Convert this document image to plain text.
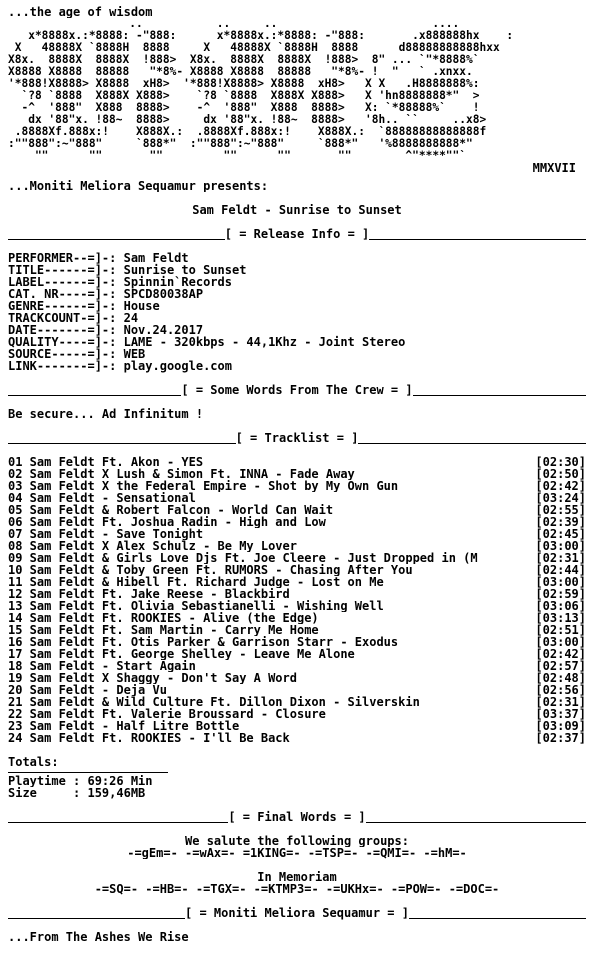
...the age of wisdom
..           ..     ..                       ....
x*8888x.:*8888: -"888:      x*8888x.:*8888: -"888:       .x888888hx    :
X   48888X `8888H  8888     X   48888X `8888H  8888      d88888888888hxx
X8x.  8888X  8888X  !888>  X8x.  8888X  8888X  !888>  8" ... `"*8888%`
X8888 X8888  88888   "*8%- X8888 X8888  88888   "*8%- !  "   ` .xnxx.
'*888!X8888> X8888  xH8>  '*888!X8888> X8888  xH8>   X X   .H8888888%:
`?8 `8888  X888X X888>    `?8 `8888  X888X X888>   X 'hn8888888*"  >
-^  '888"  X888  8888>    -^  '888"  X888  8888>   X: `*88888%`    !
dx '88"x. !88~  8888>     dx '88"x. !88~  8888>   '8h.. ``     ..x8>
.8888Xf.888x:!    X888X.:  .8888Xf.888x:!    X888X.:  `88888888888888f
:""888":~"888"     `888*"  :""888":~"888"     `888*"   '%8888888888*"
""      ""       ""         ""      ""       ""        ^"****""`
MMXVII
...Moniti Meliora Sequamur presents:
Sam Feldt - Sunrise to Sunset
[ = Release Info = ]
PERFORMER--=]-: Sam Feldt
TITLE------=]-: Sunrise to Sunset
LABEL------=]-: Spinnin`Records
CAT. NR----=]-: SPCD80038AP
GENRE------=]-: House
TRACKCOUNT-=]-: 24
DATE-------=]-: Nov.24.2017
QUALITY----=]-: LAME - 320kbps - 44,1Khz - Joint Stereo
SOURCE-----=]-: WEB
LINK-------=]-: play.google.com
[ = Some Words From The Crew = ]
Be secure... Ad Infinitum !
[ = Tracklist = ]
01 Sam Feldt Ft. Akon - YES	[02:30]
02 Sam Feldt X Lush & Simon Ft. INNA - Fade Away	[02:50]
03 Sam Feldt X the Federal Empire - Shot by My Own Gun	[02:42]
04 Sam Feldt - Sensational	[03:24]
05 Sam Feldt & Robert Falcon - World Can Wait	[02:55]
06 Sam Feldt Ft. Joshua Radin - High and Low	[02:39]
07 Sam Feldt - Save Tonight	[02:45]
08 Sam Feldt X Alex Schulz - Be My Lover	[03:00]
09 Sam Feldt & Girls Love Djs Ft. Joe Cleere - Just Dropped in (M	[02:31]
10 Sam Feldt & Toby Green Ft. RUMORS - Chasing After You	[02:44]
11 Sam Feldt & Hibell Ft. Richard Judge - Lost on Me	[03:00]
12 Sam Feldt Ft. Jake Reese - Blackbird	[02:59]
13 Sam Feldt Ft. Olivia Sebastianelli - Wishing Well	[03:06]
14 Sam Feldt Ft. ROOKIES - Alive (the Edge)	[03:13]
15 Sam Feldt Ft. Sam Martin - Carry Me Home	[02:51]
16 Sam Feldt Ft. Otis Parker & Garrison Starr - Exodus	[03:00]
17 Sam Feldt Ft. George Shelley - Leave Me Alone	[02:42]
18 Sam Feldt - Start Again	[02:57]
19 Sam Feldt X Shaggy - Don't Say A Word	[02:48]
20 Sam Feldt - Deja Vu	[02:56]
21 Sam Feldt & Wild Culture Ft. Dillon Dixon - Silverskin	[02:31]
22 Sam Feldt Ft. Valerie Broussard - Closure	[03:37]
23 Sam Feldt - Half Litre Bottle	[03:09]
24 Sam Feldt Ft. ROOKIES - I'll Be Back	[02:37]
Totals:
Playtime : 69:26 Min
Size     : 159,46MB
[ = Final Words = ]
We salute the following groups:
-=gEm=- -=wAx=- =1KING=- -=TSP=- -=QMI=- -=hM=-
In Memoriam
-=SQ=- -=HB=- -=TGX=- -=KTMP3=- -=UKHx=- -=POW=- -=DOC=-
[ = Moniti Meliora Sequamur = ]
...From The Ashes We Rise
